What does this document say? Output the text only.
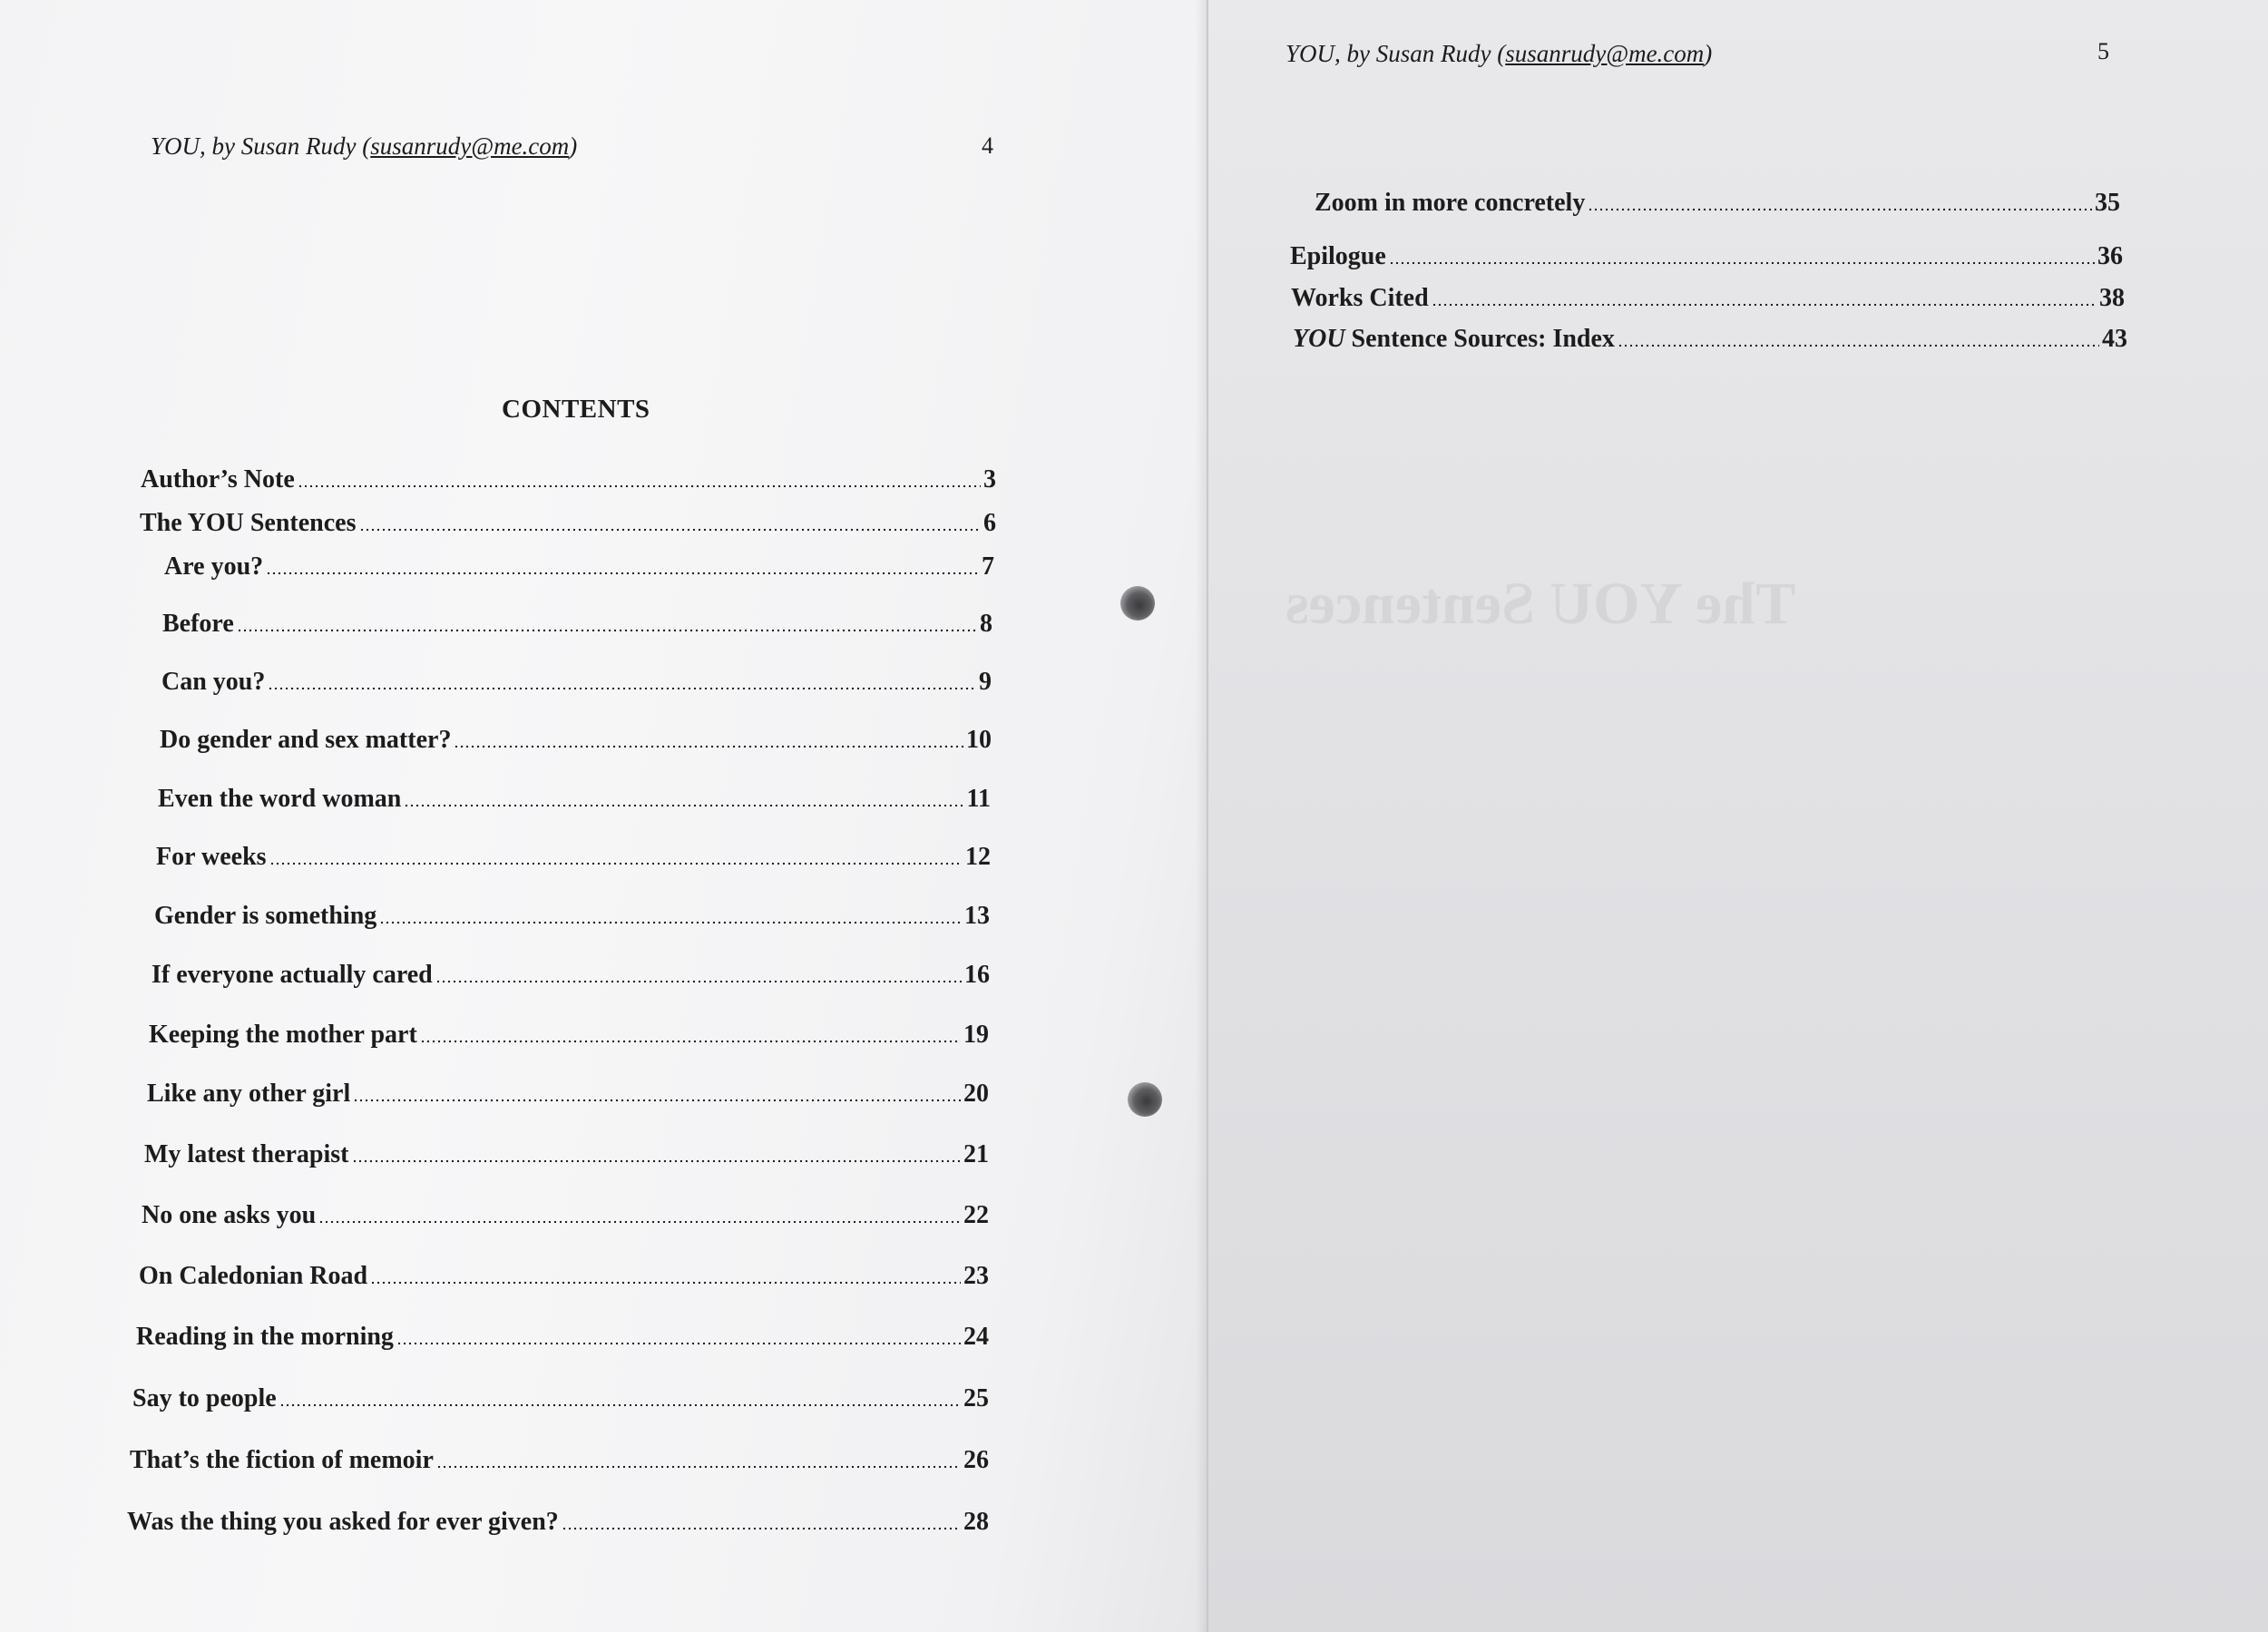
YOU, by Susan Rudy (susanrudy@me.com)	4
CONTENTS
Author’s Note	3
The YOU Sentences	6
Are you?	7
Before	8
Can you?	9
Do gender and sex matter?	10
Even the word woman	11
For weeks	12
Gender is something	13
If everyone actually cared	16
Keeping the mother part	19
Like any other girl	20
My latest therapist	21
No one asks you	22
On Caledonian Road	23
Reading in the morning	24
Say to people	25
That’s the fiction of memoir	26
Was the thing you asked for ever given?	28
YOU, by Susan Rudy (susanrudy@me.com)	5
Zoom in more concretely	35
Epilogue	36
Works Cited	38
YOU Sentence Sources: Index	43
The YOU Sentences
